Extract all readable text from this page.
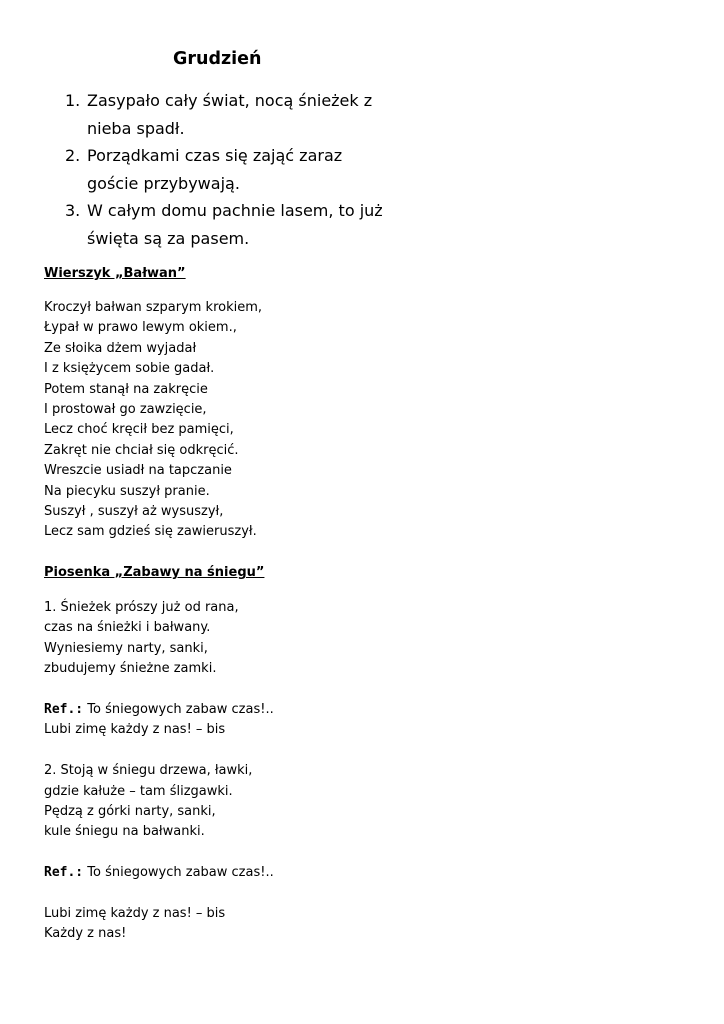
Grudzień
1. Zasypało cały świat, nocą śnieżek z
nieba spadł.
2. Porządkami czas się zająć zaraz
goście przybywają.
3. W całym domu pachnie lasem, to już
święta są za pasem.
Wierszyk „Bałwan”
Kroczył bałwan szparym krokiem,
Łypał w prawo lewym okiem.,
Ze słoika dżem wyjadał
I z księżycem sobie gadał.
Potem stanął na zakręcie
I prostował go zawzięcie,
Lecz choć kręcił bez pamięci,
Zakręt nie chciał się odkręcić.
Wreszcie usiadł na tapczanie
Na piecyku suszył pranie.
Suszył , suszył aż wysuszył,
Lecz sam gdzieś się zawieruszył.
Piosenka „Zabawy na śniegu”
1. Śnieżek prószy już od rana,
czas na śnieżki i bałwany.
Wyniesiemy narty, sanki,
zbudujemy śnieżne zamki.
Ref.: To śniegowych zabaw czas!..
Lubi zimę każdy z nas! – bis
2. Stoją w śniegu drzewa, ławki,
gdzie kałuże – tam ślizgawki.
Pędzą z górki narty, sanki,
kule śniegu na bałwanki.
Ref.: To śniegowych zabaw czas!..
Lubi zimę każdy z nas! – bis
Każdy z nas!
